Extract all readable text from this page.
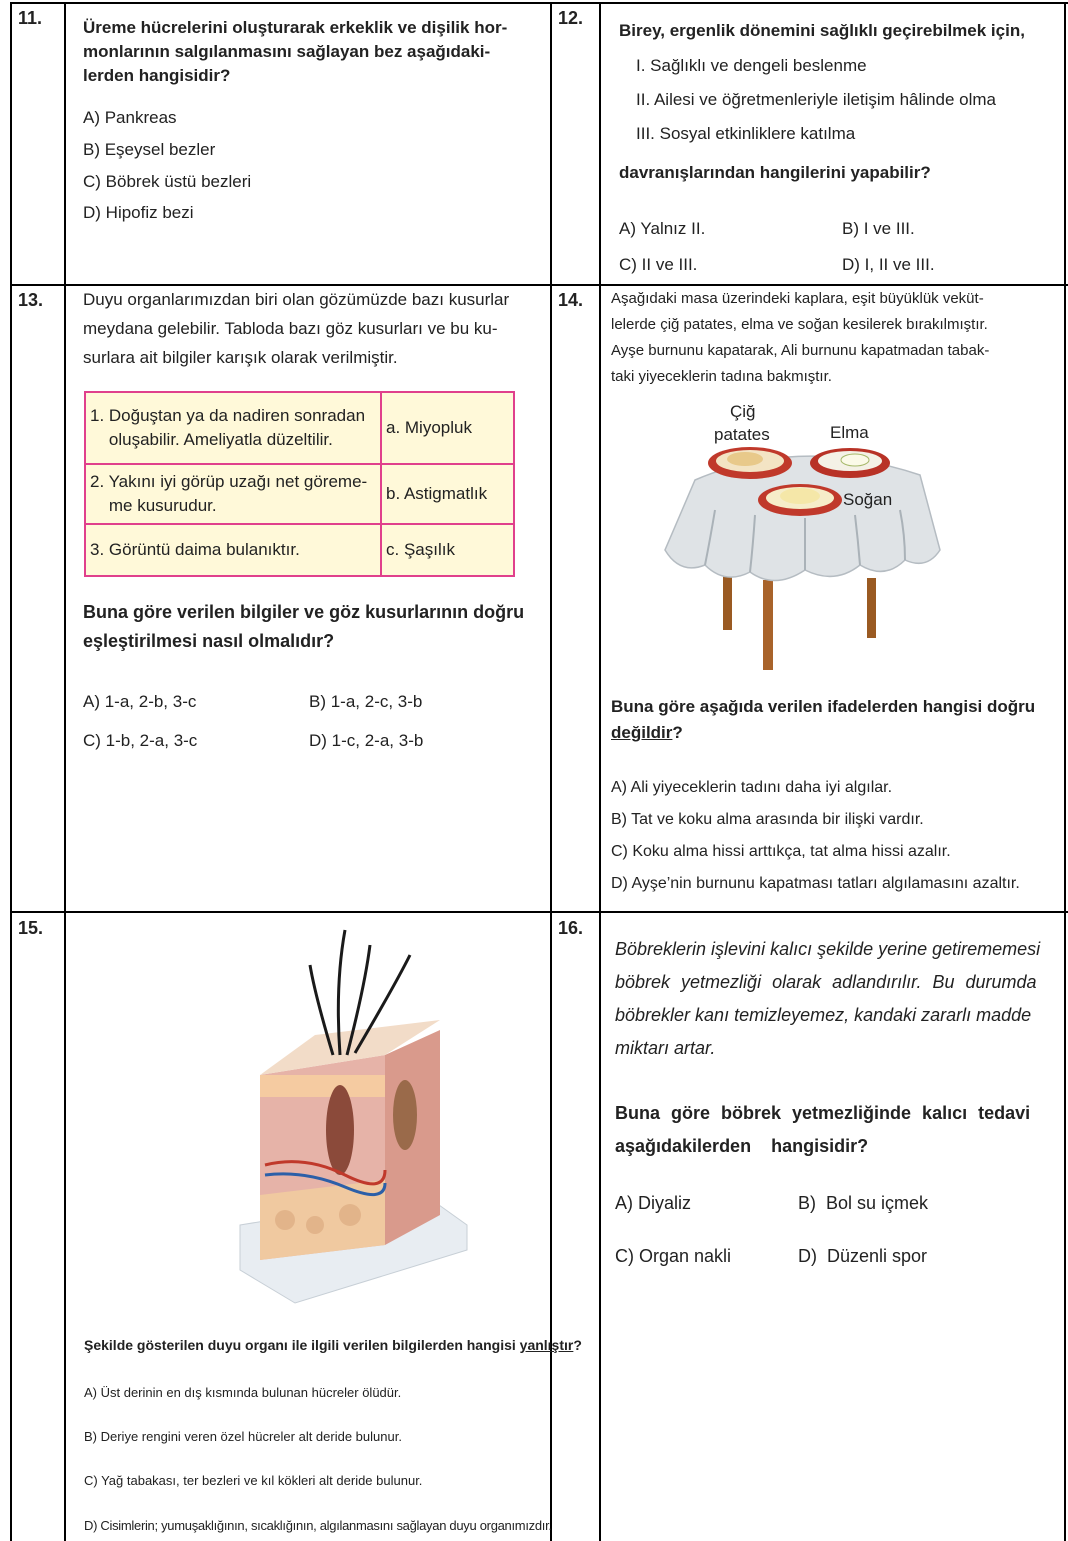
11. Üreme hücrelerini oluşturarak erkeklik ve dişilik hor-
monlarının salgılanmasını sağlayan bez aşağıdaki-
lerden hangisidir?
A) Pankreas
B) Eşeysel bezler
C) Böbrek üstü bezleri
D) Hipofiz bezi
12.
Birey, ergenlik dönemini sağlıklı geçirebilmek için,
I. Sağlıklı ve dengeli beslenme
II. Ailesi ve öğretmenleriyle iletişim hâlinde olma
III. Sosyal etkinliklere katılma
davranışlarından hangilerini yapabilir?
A) Yalnız II.	B) I ve III.
C) II ve III.	D) I, II ve III.
13. Duyu organlarımızdan biri olan gözümüzde bazı kusurlar
meydana gelebilir. Tabloda bazı göz kusurları ve bu ku-
surlara ait bilgiler karışık olarak verilmiştir.
1. Doğuştan ya da nadiren sonradan
oluşabilir. Ameliyatla düzeltilir.	a. Miyopluk

2. Yakını iyi görüp uzağı net göreme-
me kusurudur.	b. Astigmatlık

3. Görüntü daima bulanıktır.	c. Şaşılık
Buna göre verilen bilgiler ve göz kusurlarının doğru
eşleştirilmesi nasıl olmalıdır?
A) 1-a, 2-b, 3-c	B) 1-a, 2-c, 3-b
C) 1-b, 2-a, 3-c	D) 1-c, 2-a, 3-b
14. Aşağıdaki masa üzerindeki kaplara, eşit büyüklük veküt-
lelerde çiğ patates, elma ve soğan kesilerek bırakılmıştır.
Ayşe burnunu kapatarak, Ali burnunu kapatmadan tabak-
taki yiyeceklerin tadına bakmıştır.
Çiğ
patates	Elma
Soğan
Buna göre aşağıda verilen ifadelerden hangisi doğru
değildir?
A) Ali yiyeceklerin tadını daha iyi algılar.
B) Tat ve koku alma arasında bir ilişki vardır.
C) Koku alma hissi arttıkça, tat alma hissi azalır.
D) Ayşe’nin burnunu kapatması tatları algılamasını azaltır.
15.
Şekilde gösterilen duyu organı ile ilgili verilen bilgilerden hangisi yanlıştır?
A) Üst derinin en dış kısmında bulunan hücreler ölüdür.
B) Deriye rengini veren özel hücreler alt deride bulunur.
C) Yağ tabakası, ter bezleri ve kıl kökleri alt deride bulunur.
D) Cisimlerin; yumuşaklığının, sıcaklığının, algılanmasını sağlayan duyu organımızdır.
16.
Böbreklerin işlevini kalıcı şekilde yerine getirememesi
böbrek yetmezliği olarak adlandırılır. Bu durumda
böbrekler kanı temizleyemez, kandaki zararlı madde
miktarı artar.
Buna göre böbrek yetmezliğinde kalıcı tedavi
aşağıdakilerden    hangisidir?
A) Diyaliz	B)  Bol su içmek
C) Organ nakli	D)  Düzenli spor
